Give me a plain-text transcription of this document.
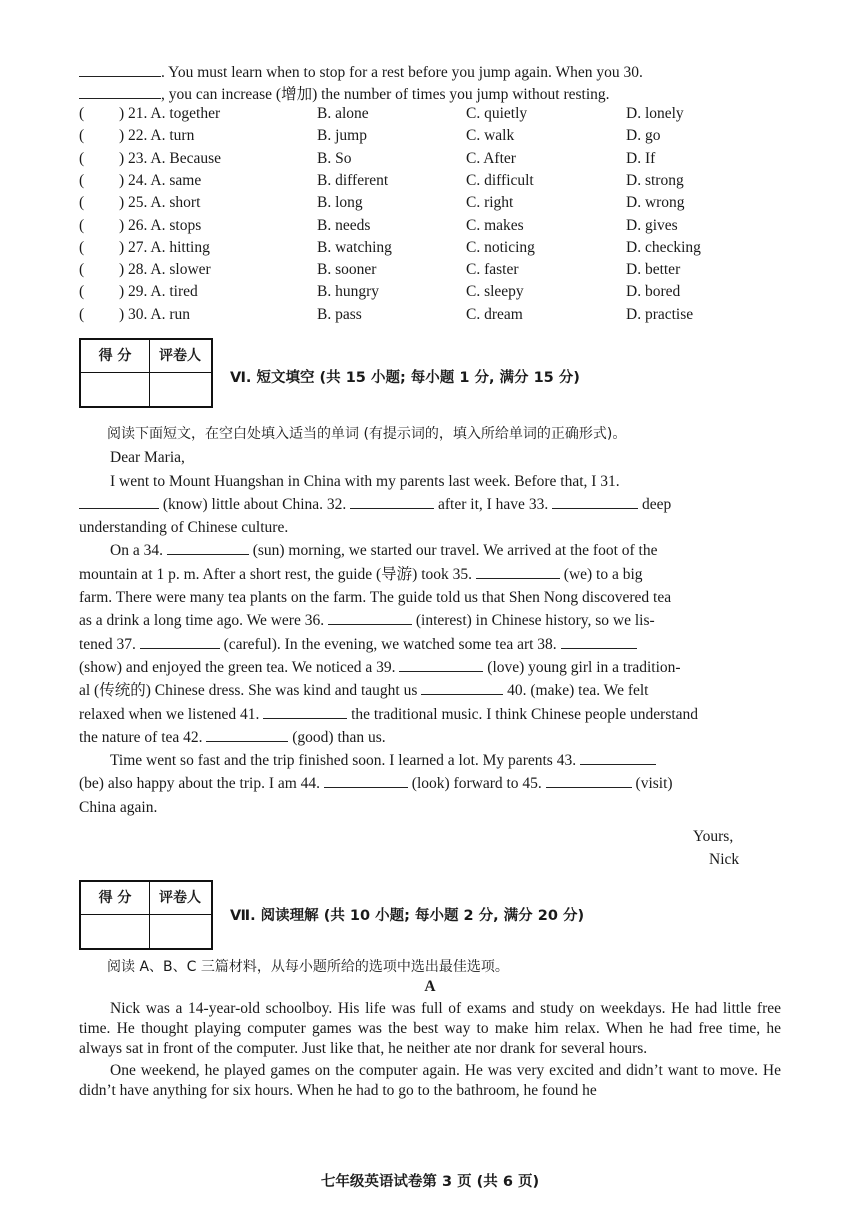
. You must learn when to stop for a rest before you jump again. When you 30.
, you can increase (增加) the number of times you jump without resting.
( ) 21. A. together	B. alone	C. quietly	D. lonely
( ) 22. A. turn	B. jump	C. walk	D. go
( ) 23. A. Because	B. So	C. After	D. If
( ) 24. A. same	B. different	C. difficult	D. strong
( ) 25. A. short	B. long	C. right	D. wrong
( ) 26. A. stops	B. needs	C. makes	D. gives
( ) 27. A. hitting	B. watching	C. noticing	D. checking
( ) 28. A. slower	B. sooner	C. faster	D. better
( ) 29. A. tired	B. hungry	C. sleepy	D. bored
( ) 30. A. run	B. pass	C. dream	D. practise
得 分	评卷人
Ⅵ. 短文填空 (共 15 小题; 每小题 1 分, 满分 15 分)

阅读下面短文，在空白处填入适当的单词 (有提示词的，填入所给单词的正确形式)。

Dear Maria,

I went to Mount Huangshan in China with my parents last week. Before that, I 31.

(know) little about China. 32.	after it, I have 33.	deep

understanding of Chinese culture.

On a 34.	(sun) morning, we started our travel. We arrived at the foot of the

mountain at 1 p. m. After a short rest, the guide (导游) took 35.	(we) to a big

farm. There were many tea plants on the farm. The guide told us that Shen Nong discovered tea

as a drink a long time ago. We were 36.	(interest) in Chinese history, so we lis-

tened 37.	(careful). In the evening, we watched some tea art 38.

(show) and enjoyed the green tea. We noticed a 39.	(love) young girl in a tradition-

al (传统的) Chinese dress. She was kind and taught us	40. (make) tea. We felt

relaxed when we listened 41.	the traditional music. I think Chinese people understand

the nature of tea 42.	(good) than us.

Time went so fast and the trip finished soon. I learned a lot. My parents 43.

(be) also happy about the trip. I am 44.	(look) forward to 45.	(visit)

China again.

Yours,
Nick
得 分	评卷人
Ⅶ. 阅读理解 (共 10 小题; 每小题 2 分, 满分 20 分)

阅读 A、B、C 三篇材料，从每小题所给的选项中选出最佳选项。

A

Nick was a 14-year-old schoolboy. His life was full of exams and study on weekdays. He had little free time. He thought playing computer games was the best way to make him relax. When he had free time, he always sat in front of the computer. Just like that, he neither ate nor drank for several hours.

One weekend, he played games on the computer again. He was very excited and didn’t want to move. He didn’t have anything for six hours. When he had to go to the bathroom, he found he

七年级英语试卷第 3 页 (共 6 页)
